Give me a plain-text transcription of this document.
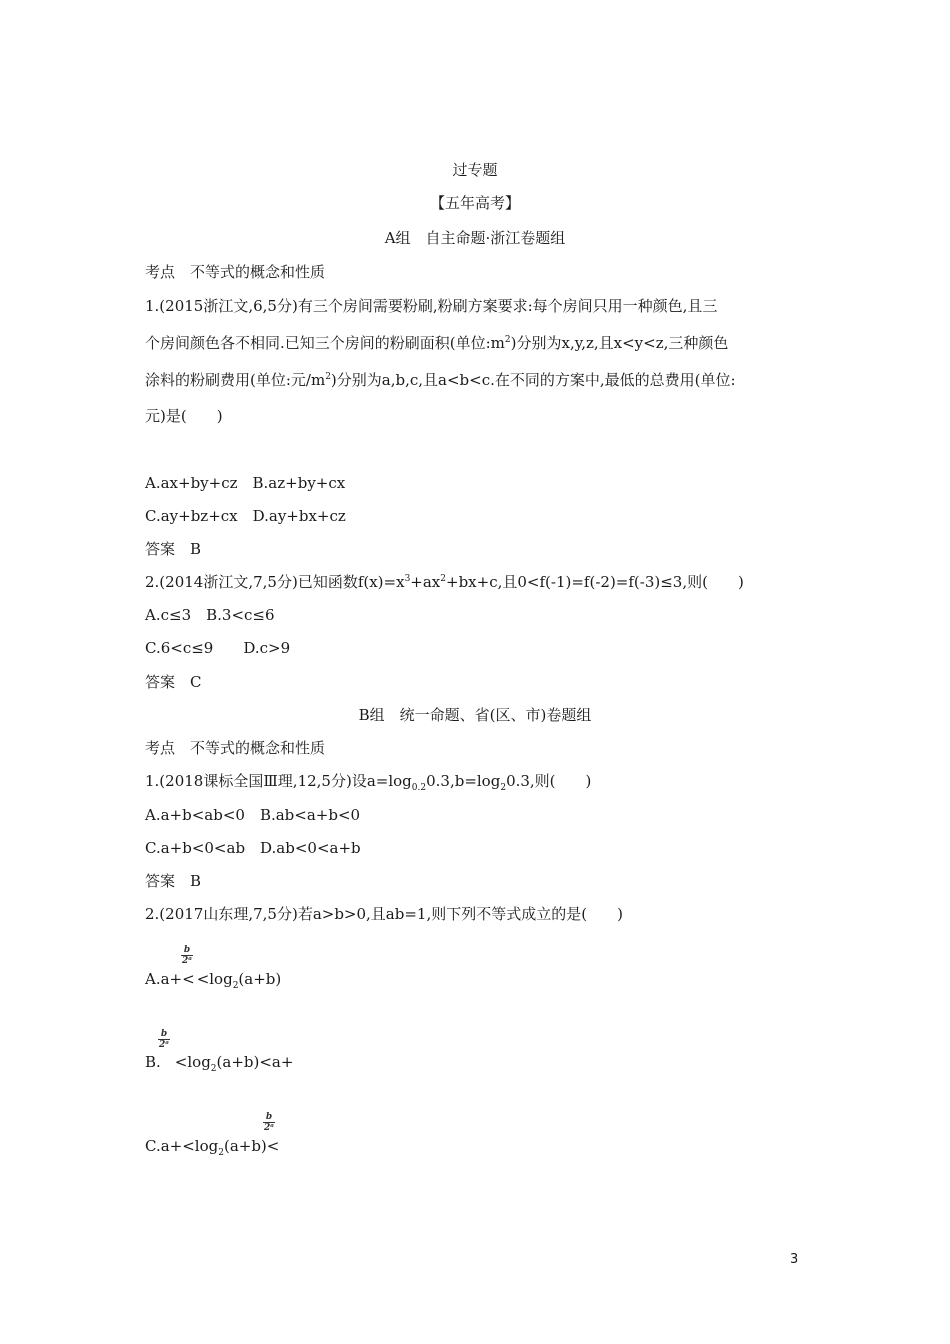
过专题
【五年高考】
A组　自主命题·浙江卷题组
考点　不等式的概念和性质
1.(2015浙江文,6,5分)有三个房间需要粉刷,粉刷方案要求:每个房间只用一种颜色,且三
个房间颜色各不相同.已知三个房间的粉刷面积(单位$:m^2$)分别为x,y,z,且x<y<z,三种颜色
涂料的粉刷费用(单位:元$/m^2$)分别为a,b,c,且a<b<c.在不同的方案中,最低的总费用(单位:
元)是(　　)
A.ax+by+cz　B.az+by+cx
C.ay+bz+cx　D.ay+bx+cz
答案　B
2.(2014浙江文,7,5分)已知函数$f(x)=x^3+ax^2+bx+c$,且0<f(-1)=f(-2)=f(-3)≤3,则(　　)
A.c≤3　B.3<c≤6
C.6<c≤9　　D.c>9
答案　C
B组　统一命题、省(区、市)卷题组
考点　不等式的概念和性质
1.(2018课标全国Ⅲ理,12,5分)设$a=\log_{0.2}0.3,b=\log_20.3$,则(　　)
A.a+b<ab<0　B.ab<a+b<0
C.a+b<0<ab　D.ab<0<a+b
答案　B
2.(2017山东理,7,5分)若a>b>0,且ab=1,则下列不等式成立的是(　　)
b
2ᵃ
$A.a+< <\log_2(a+b)$
b
2ᵃ
B. $<\log_2(a+b)<a+$
b
2ᵃ
$C.a+<\log_2(a+b)<$
3
